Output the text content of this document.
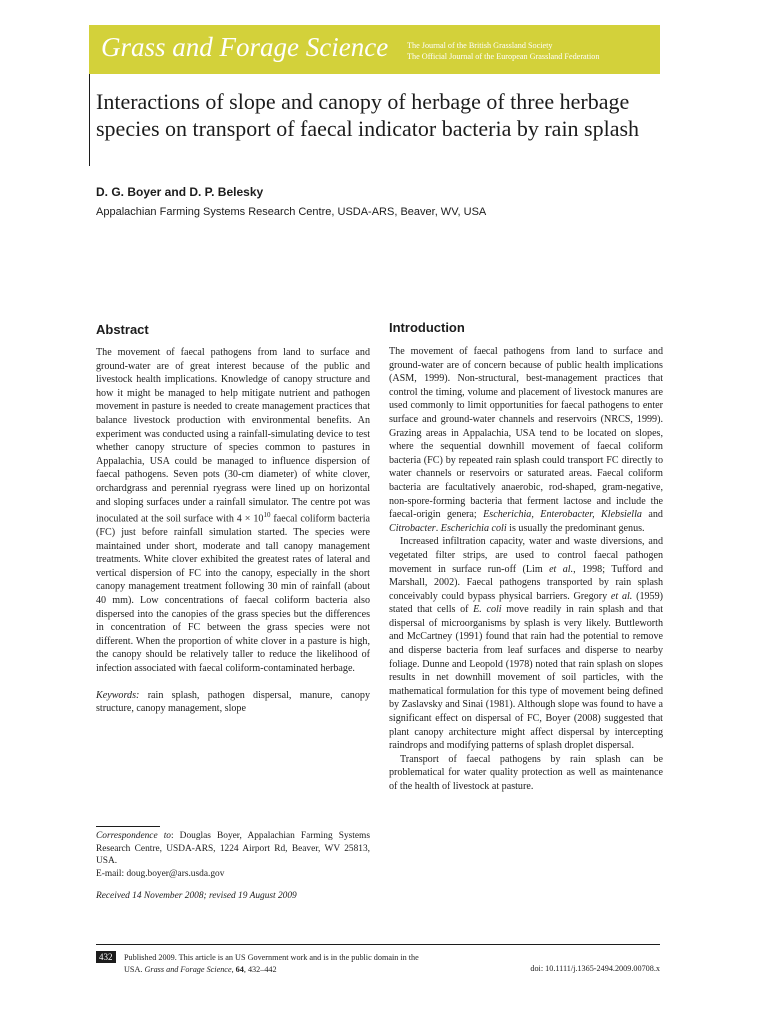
Grass and Forage Science The Journal of the British Grassland Society
The Official Journal of the European Grassland Federation
Interactions of slope and canopy of herbage of three herbage species on transport of faecal indicator bacteria by rain splash
D. G. Boyer and D. P. Belesky
Appalachian Farming Systems Research Centre, USDA-ARS, Beaver, WV, USA
Abstract

The movement of faecal pathogens from land to surface and ground-water are of great interest because of the public and livestock health implications. Knowledge of canopy structure and how it might be managed to help mitigate nutrient and pathogen movement in pasture is needed to create management practices that balance livestock production with environmental benefits. An experiment was conducted using a rainfall-simulating device to test whether canopy structure of species common to pastures in Appalachia, USA could be managed to influence dispersion of faecal pathogens. Seven pots (30-cm diameter) of white clover, orchardgrass and perennial ryegrass were lined up on horizontal and sloping surfaces under a rainfall simulator. The centre pot was inoculated at the soil surface with $4 \times 10^{10}$ faecal coliform bacteria (FC) just before rainfall simulation started. The species were maintained under short, moderate and tall canopy management treatments. White clover exhibited the greatest rates of lateral and vertical dispersion of FC into the canopy, especially in the short canopy management treatment following 30 min of rainfall (about 40 mm). Low concentrations of faecal coliform bacteria also dispersed into the canopies of the grass species but the differences in concentration of FC between the grass species were not different. When the proportion of white clover in a pasture is high, the canopy should be relatively taller to reduce the likelihood of infection associated with faecal coliform-contaminated herbage.

Keywords: rain splash, pathogen dispersal, manure, canopy structure, canopy management, slope

Correspondence to: Douglas Boyer, Appalachian Farming Systems Research Centre, USDA-ARS, 1224 Airport Rd, Beaver, WV 25813, USA.
E-mail: doug.boyer@ars.usda.gov
Received 14 November 2008; revised 19 August 2009
Introduction

The movement of faecal pathogens from land to surface and ground-water are of concern because of public health implications (ASM, 1999). Non-structural, best-management practices that control the timing, volume and placement of livestock manures are used commonly to limit opportunities for faecal pathogens to enter surface and ground-water channels and reservoirs (NRCS, 1999). Grazing areas in Appalachia, USA tend to be located on slopes, where the sequential downhill movement of faecal coliform bacteria (FC) by repeated rain splash could transport FC directly to water channels or reservoirs or saturated areas. Faecal coliform bacteria are facultatively anaerobic, rod-shaped, gram-negative, non-spore-forming bacteria that ferment lactose and include the faecal-origin genera; Escherichia, Enterobacter, Klebsiella and Citrobacter. Escherichia coli is usually the predominant genus.

Increased infiltration capacity, water and waste diversions, and vegetated filter strips, are used to control faecal pathogen movement in surface run-off (Lim et al., 1998; Tufford and Marshall, 2002). Faecal pathogens transported by rain splash conceivably could bypass physical barriers. Gregory et al. (1959) stated that cells of E. coli move readily in rain splash and that dispersal of microorganisms by splash is very likely. Buttleworth and McCartney (1991) found that rain had the potential to remove and disperse bacteria from leaf surfaces and disperse to nearby foliage. Dunne and Leopold (1978) noted that rain splash on slopes results in net downhill movement of soil particles, with the mathematical formulation for this type of movement being defined by Zaslavsky and Sinai (1981). Although slope was found to have a significant effect on dispersal of FC, Boyer (2008) suggested that plant canopy architecture might affect dispersal by intercepting raindrops and modifying patterns of splash droplet dispersal.

Transport of faecal pathogens by rain splash can be problematical for water quality protection as well as maintenance of the health of livestock at pasture.

432	Published 2009. This article is an US Government work and is in the public domain in the USA. Grass and Forage Science, 64, 432–442	doi: 10.1111/j.1365-2494.2009.00708.x
